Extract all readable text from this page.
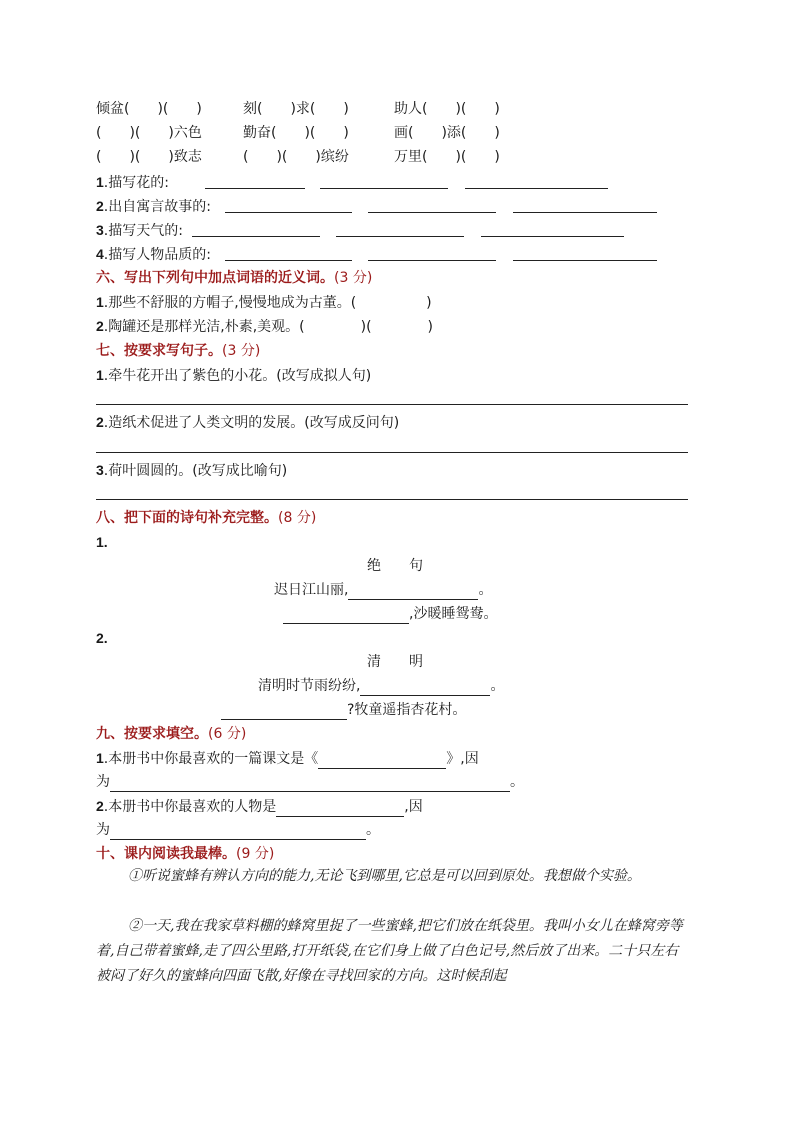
倾盆(　　)(　　)	刻(　　)求(　　)	助人(　　)(　　)
(　　)(　　)六色	勤奋(　　)(　　)	画(　　)添(　　)
(　　)(　　)致志	(　　)(　　)缤纷	万里(　　)(　　)
1.描写花的:
2.出自寓言故事的:
3.描写天气的:
4.描写人物品质的:
六、写出下列句中加点词语的近义词。(3 分)
1.那些不舒服的方帽子,慢慢地成为古董。(　　　　　)
2.陶罐还是那样光洁,朴素,美观。(　　　　)(　　　　)
七、按要求写句子。(3 分)
1.牵牛花开出了紫色的小花。(改写成拟人句)
2.造纸术促进了人类文明的发展。(改写成反问句)
3.荷叶圆圆的。(改写成比喻句)
八、把下面的诗句补充完整。(8 分)
1.
绝　　句
迟日江山丽,	。
,沙暖睡鸳鸯。
2.
清　　明
清明时节雨纷纷,	。
?牧童遥指杏花村。
九、按要求填空。(6 分)
1.本册书中你最喜欢的一篇课文是《	》,因
为	。
2.本册书中你最喜欢的人物是	,因
为	。
十、课内阅读我最棒。(9 分)
①听说蜜蜂有辨认方向的能力,无论飞到哪里,它总是可以回到原处。我想做个实验。
②一天,我在我家草料棚的蜂窝里捉了一些蜜蜂,把它们放在纸袋里。我叫小女儿在蜂窝旁等着,自己带着蜜蜂,走了四公里路,打开纸袋,在它们身上做了白色记号,然后放了出来。二十只左右被闷了好久的蜜蜂向四面飞散,好像在寻找回家的方向。这时候刮起
